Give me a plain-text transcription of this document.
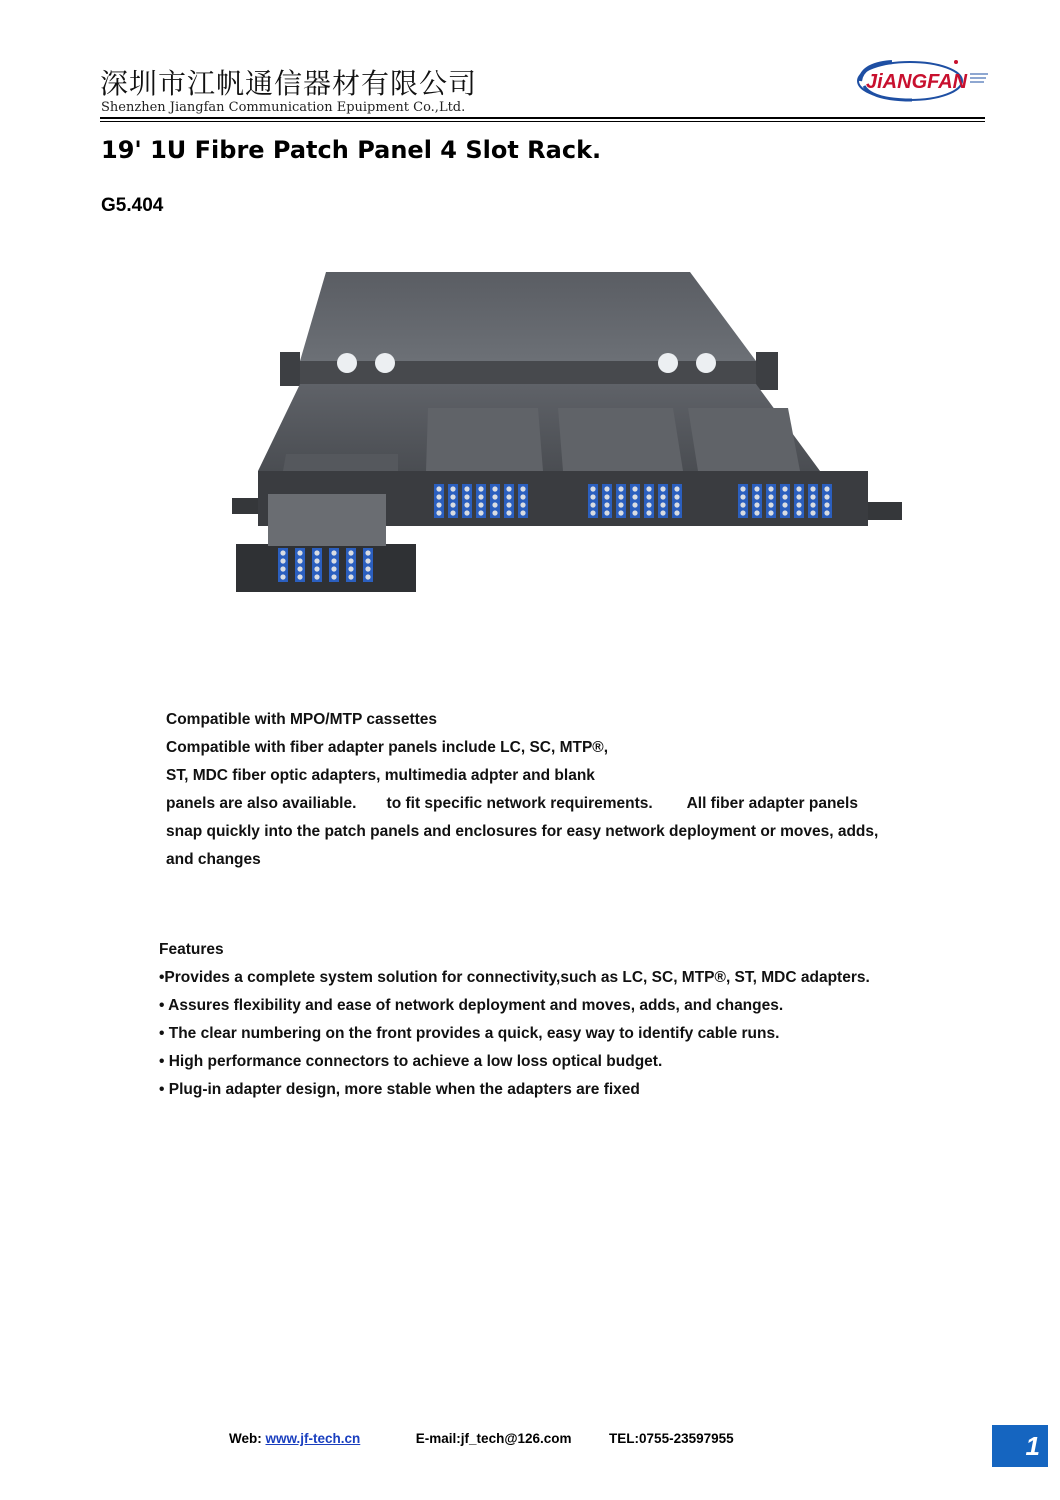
深圳市江帆通信器材有限公司
Shenzhen Jiangfan Communication Epuipment Co.,Ltd.
JiANGFAN
19' 1U Fibre Patch Panel 4 Slot Rack.
G5.404
Compatible with MPO/MTP cassettes
Compatible with fiber adapter panels include LC, SC, MTP®,
ST, MDC fiber optic adapters, multimedia adpter and blank
panels are also availiable.       to fit specific network requirements.        All fiber adapter panels
snap quickly into the patch panels and enclosures for easy network deployment or moves, adds,
and changes
Features
•Provides a complete system solution for connectivity,such as LC, SC, MTP®, ST, MDC adapters.
• Assures flexibility and ease of network deployment and moves, adds, and changes.
• The clear numbering on the front provides a quick, easy way to identify cable runs.
• High performance connectors to achieve a low loss optical budget.
• Plug-in adapter design, more stable when the adapters are fixed
Web: www.jf-tech.cn	E-mail:jf_tech@126.com	TEL:0755-23597955	1
